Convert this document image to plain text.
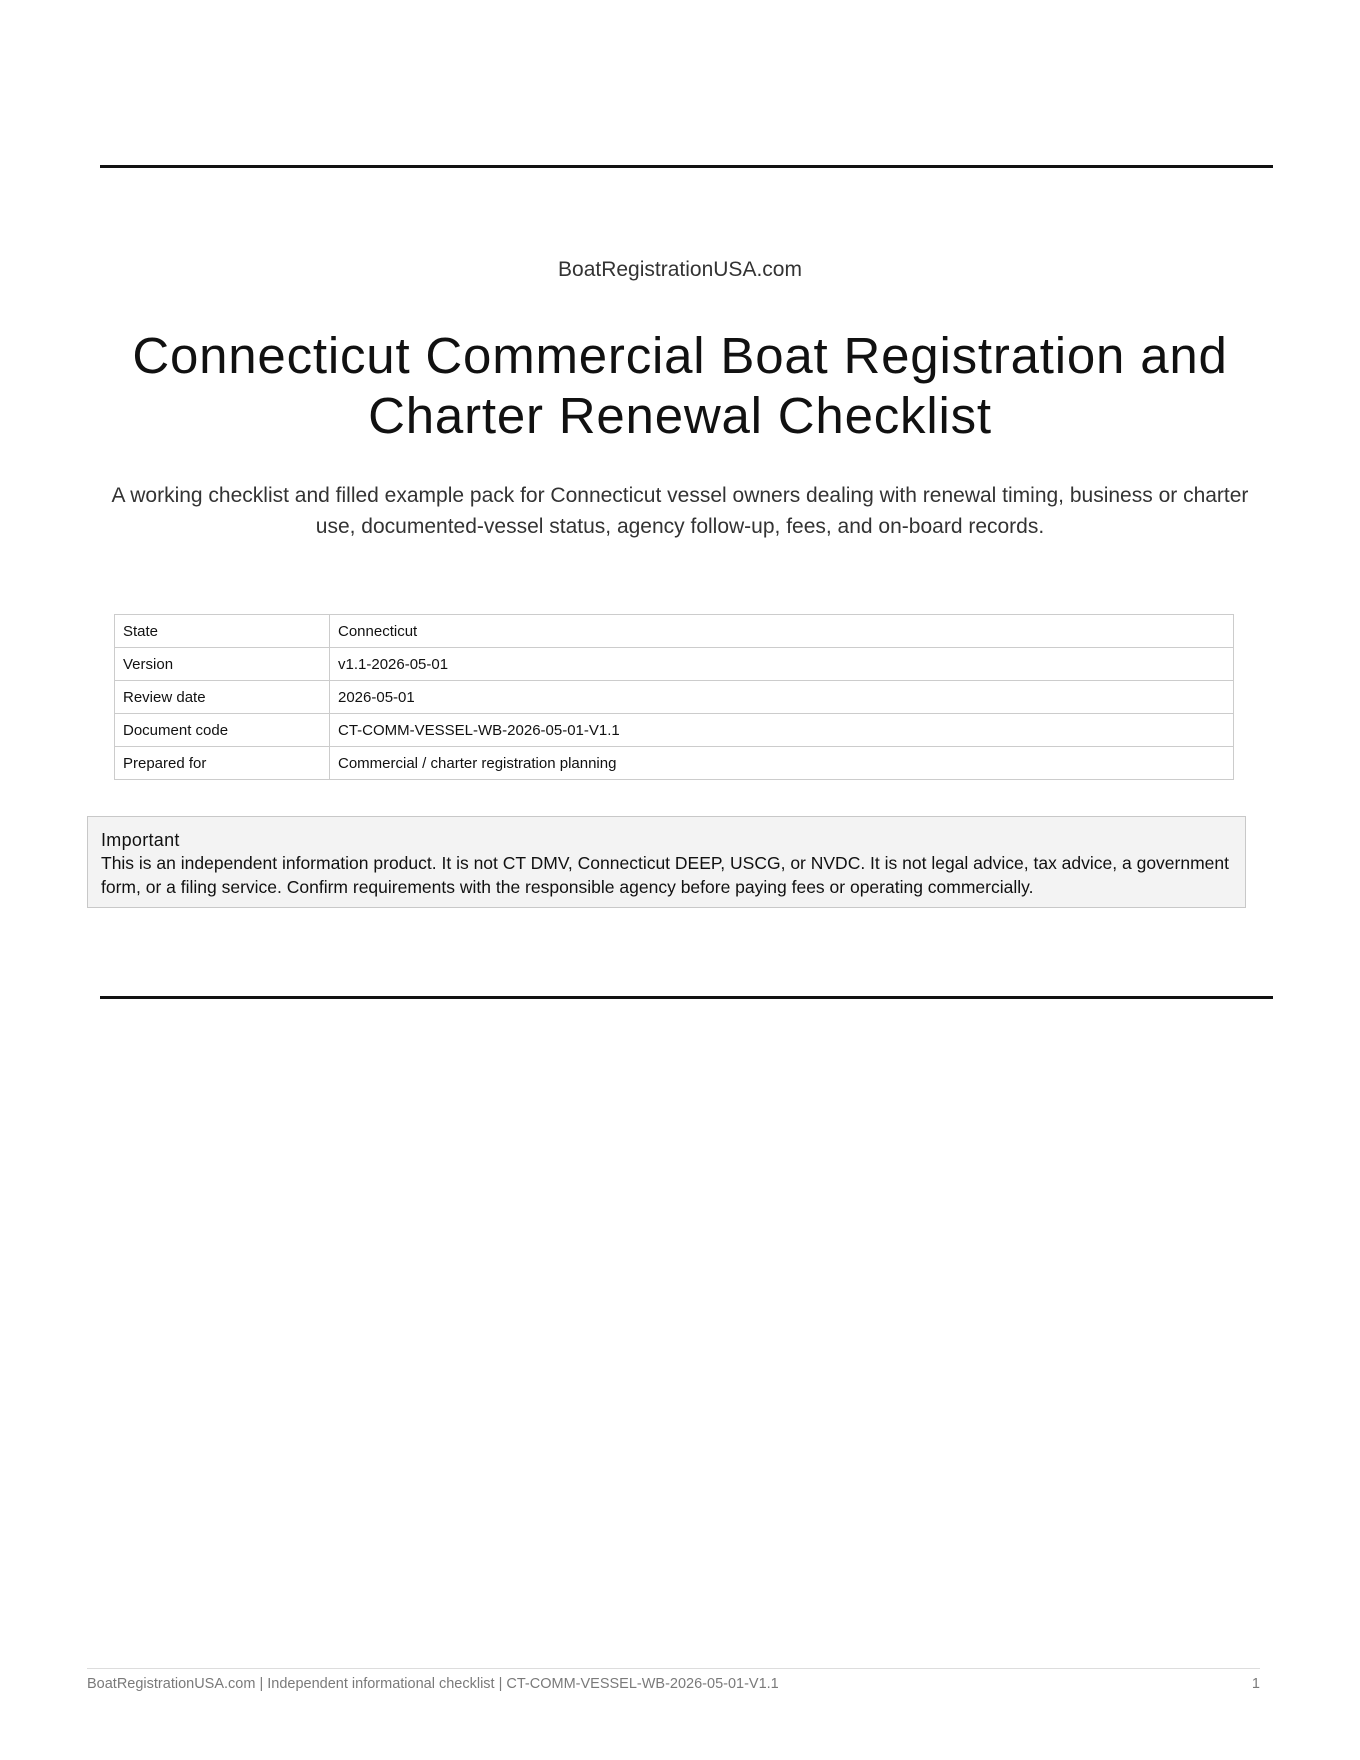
BoatRegistrationUSA.com
Connecticut Commercial Boat Registration and Charter Renewal Checklist

A working checklist and filled example pack for Connecticut vessel owners dealing with renewal timing, business or charter use, documented-vessel status, agency follow-up, fees, and on-board records.

State	Connecticut
Version	v1.1-2026-05-01
Review date	2026-05-01
Document code	CT-COMM-VESSEL-WB-2026-05-01-V1.1
Prepared for	Commercial / charter registration planning
Important
This is an independent information product. It is not CT DMV, Connecticut DEEP, USCG, or NVDC. It is not legal advice, tax advice, a government form, or a filing service. Confirm requirements with the responsible agency before paying fees or operating commercially.
BoatRegistrationUSA.com | Independent informational checklist | CT-COMM-VESSEL-WB-2026-05-01-V1.1	1
